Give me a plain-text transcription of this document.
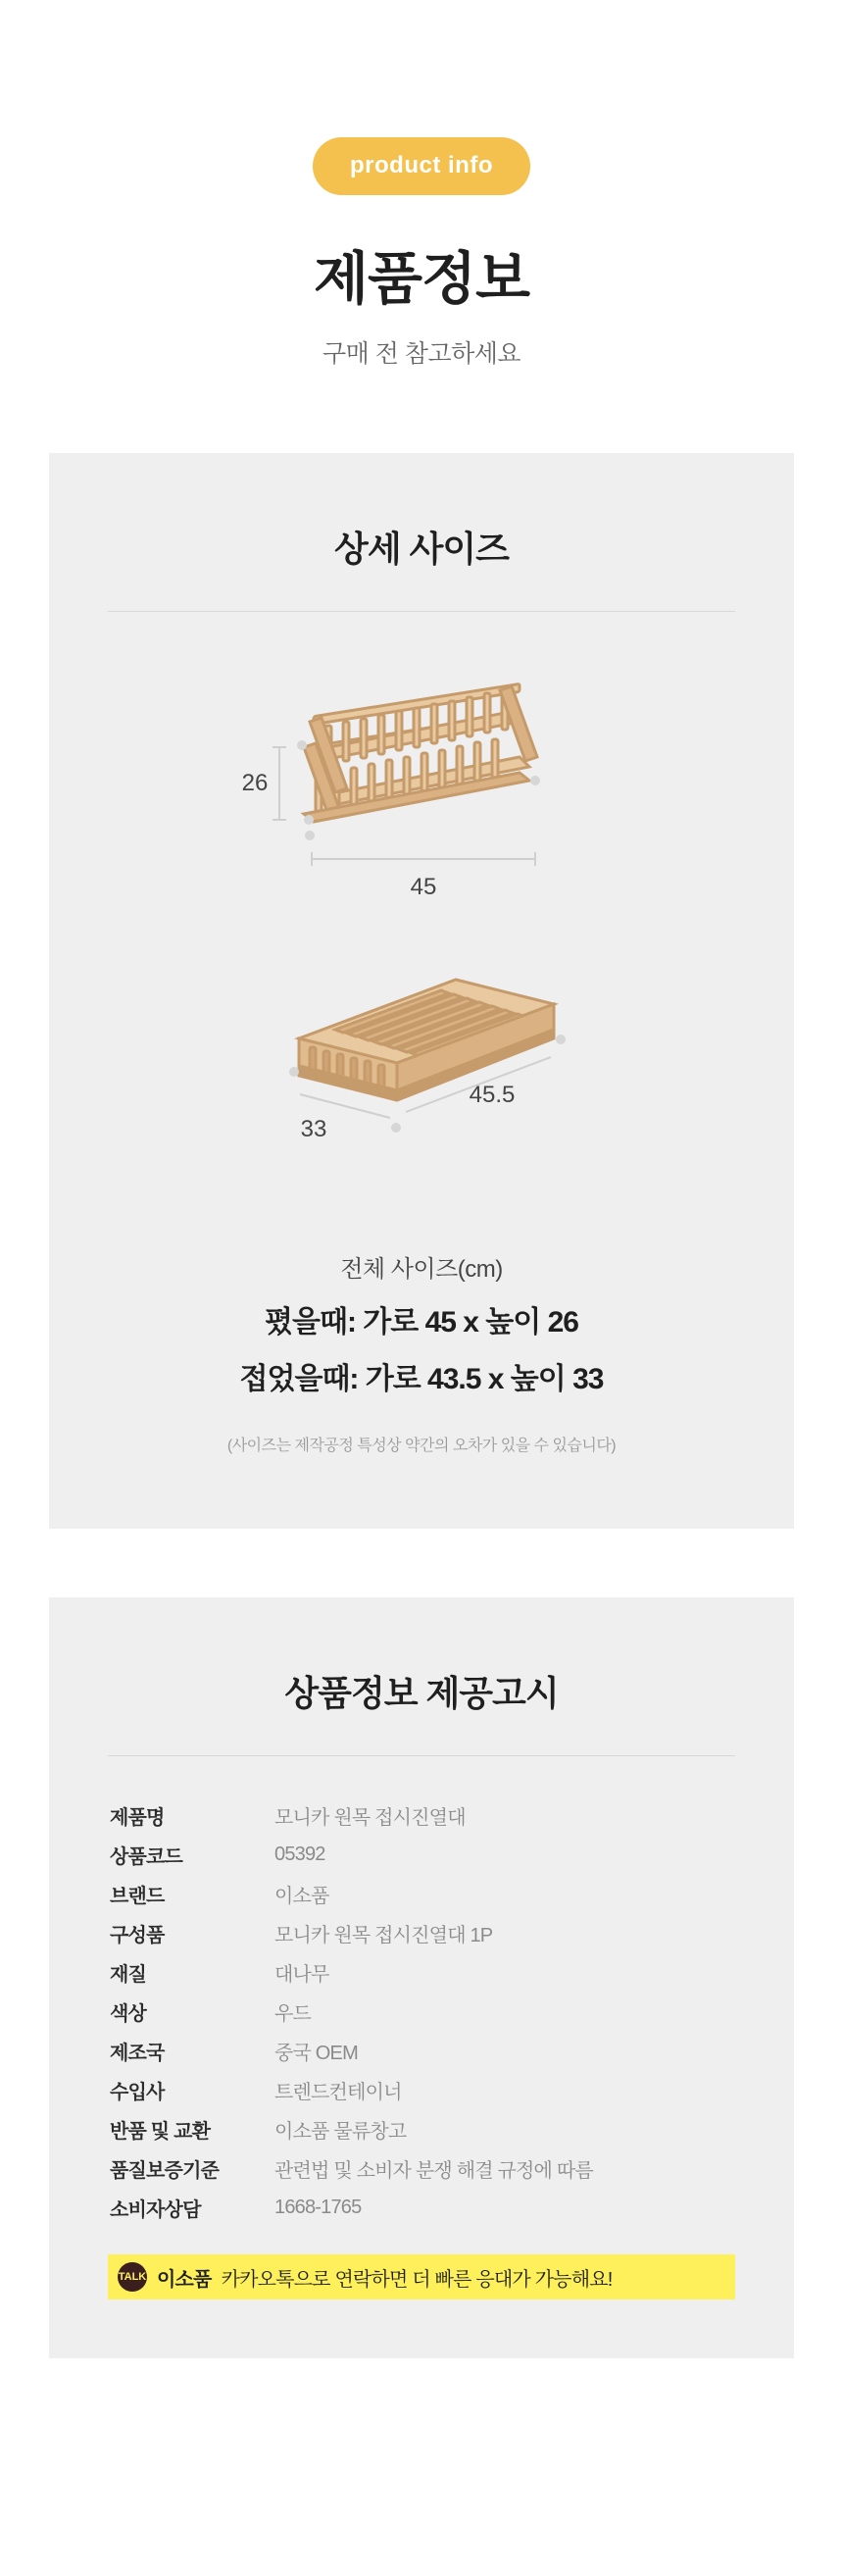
product info
제품정보
구매 전 참고하세요
상세 사이즈
26
45
33
45.5
전체 사이즈(cm)
폈을때: 가로 45 x 높이 26
접었을때: 가로 43.5 x 높이 33
(사이즈는 제작공정 특성상 약간의 오차가 있을 수 있습니다)
상품정보 제공고시
제품명	모니카 원목 접시진열대
상품코드	05392
브랜드	이소품
구성품	모니카 원목 접시진열대 1P
재질	대나무
색상	우드
제조국	중국 OEM
수입사	트렌드컨테이너
반품 및 교환	이소품 물류창고
품질보증기준	관련법 및 소비자 분쟁 해결 규정에 따름
소비자상담	1668-1765
TALK 이소품 카카오톡으로 연락하면 더 빠른 응대가 가능해요!
